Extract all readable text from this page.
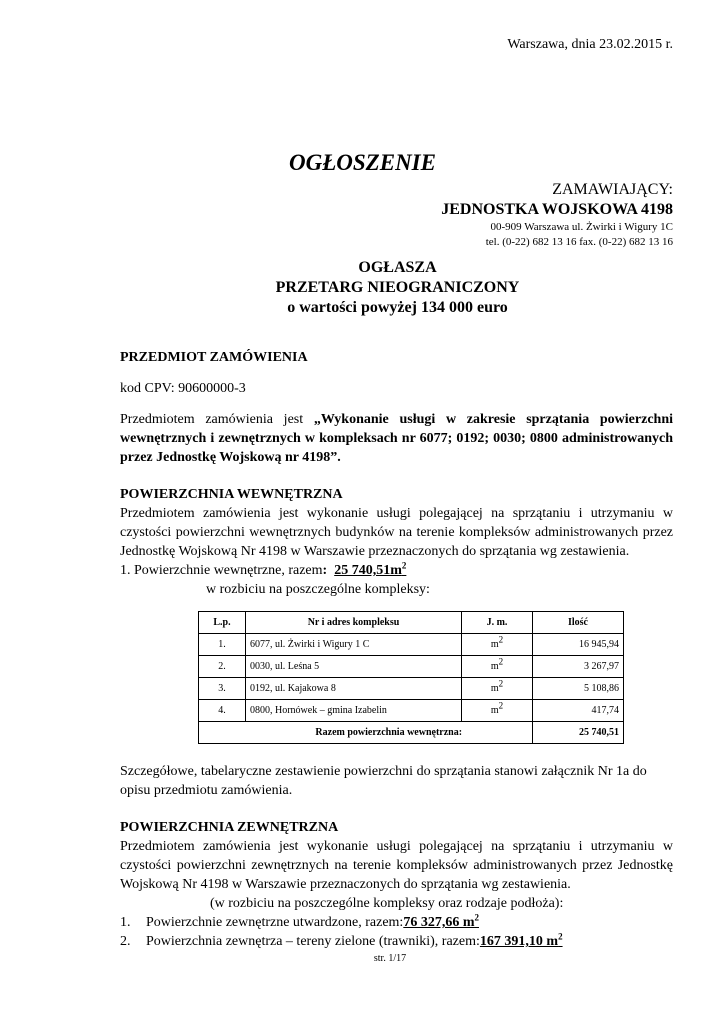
Warszawa, dnia 23.02.2015 r.
OGŁOSZENIE
ZAMAWIAJĄCY:
JEDNOSTKA WOJSKOWA 4198
00-909 Warszawa ul. Żwirki i Wigury 1C
tel. (0-22) 682 13 16 fax. (0-22) 682 13 16
OGŁASZA
PRZETARG NIEOGRANICZONY
o wartości powyżej 134 000 euro

PRZEDMIOT ZAMÓWIENIA

kod CPV: 90600000-3

Przedmiotem zamówienia jest „Wykonanie usługi w zakresie sprzątania powierzchni wewnętrznych i zewnętrznych w kompleksach nr 6077; 0192; 0030; 0800 administrowanych przez Jednostkę Wojskową nr 4198”.

POWIERZCHNIA WEWNĘTRZNA

Przedmiotem zamówienia jest wykonanie usługi polegającej na sprzątaniu i utrzymaniu w czystości powierzchni wewnętrznych budynków na terenie kompleksów administrowanych przez Jednostkę Wojskową Nr 4198 w Warszawie przeznaczonych do sprzątania wg zestawienia.

1. Powierzchnie wewnętrzne, razem: 25 $740,51m^2$

w rozbiciu na poszczególne kompleksy:

L.p.	Nr i adres kompleksu	J. m.	Ilość
1.	6077, ul. Żwirki i Wigury 1 C	$m^2$	16 945,94
2.	0030, ul. Leśna 5	$m^2$	3 267,97
3.	0192, ul. Kajakowa 8	$m^2$	5 108,86
4.	0800, Hornówek – gmina Izabelin	$m^2$	417,74
	Razem powierzchnia wewnętrzna:		25 740,51

Szczegółowe, tabelaryczne zestawienie powierzchni do sprzątania stanowi załącznik Nr 1a do opisu przedmiotu zamówienia.

POWIERZCHNIA ZEWNĘTRZNA

Przedmiotem zamówienia jest wykonanie usługi polegającej na sprzątaniu i utrzymaniu w czystości powierzchni zewnętrznych na terenie kompleksów administrowanych przez Jednostkę Wojskową Nr 4198 w Warszawie przeznaczonych do sprzątania wg zestawienia.

(w rozbiciu na poszczególne kompleksy oraz rodzaje podłoża):

1.	Powierzchnie zewnętrzne utwardzone, razem: 76 327,66 $m^2$
2.	Powierzchnia zewnętrza – tereny zielone (trawniki), razem: 167 391,10 $m^2$
str. 1/17
